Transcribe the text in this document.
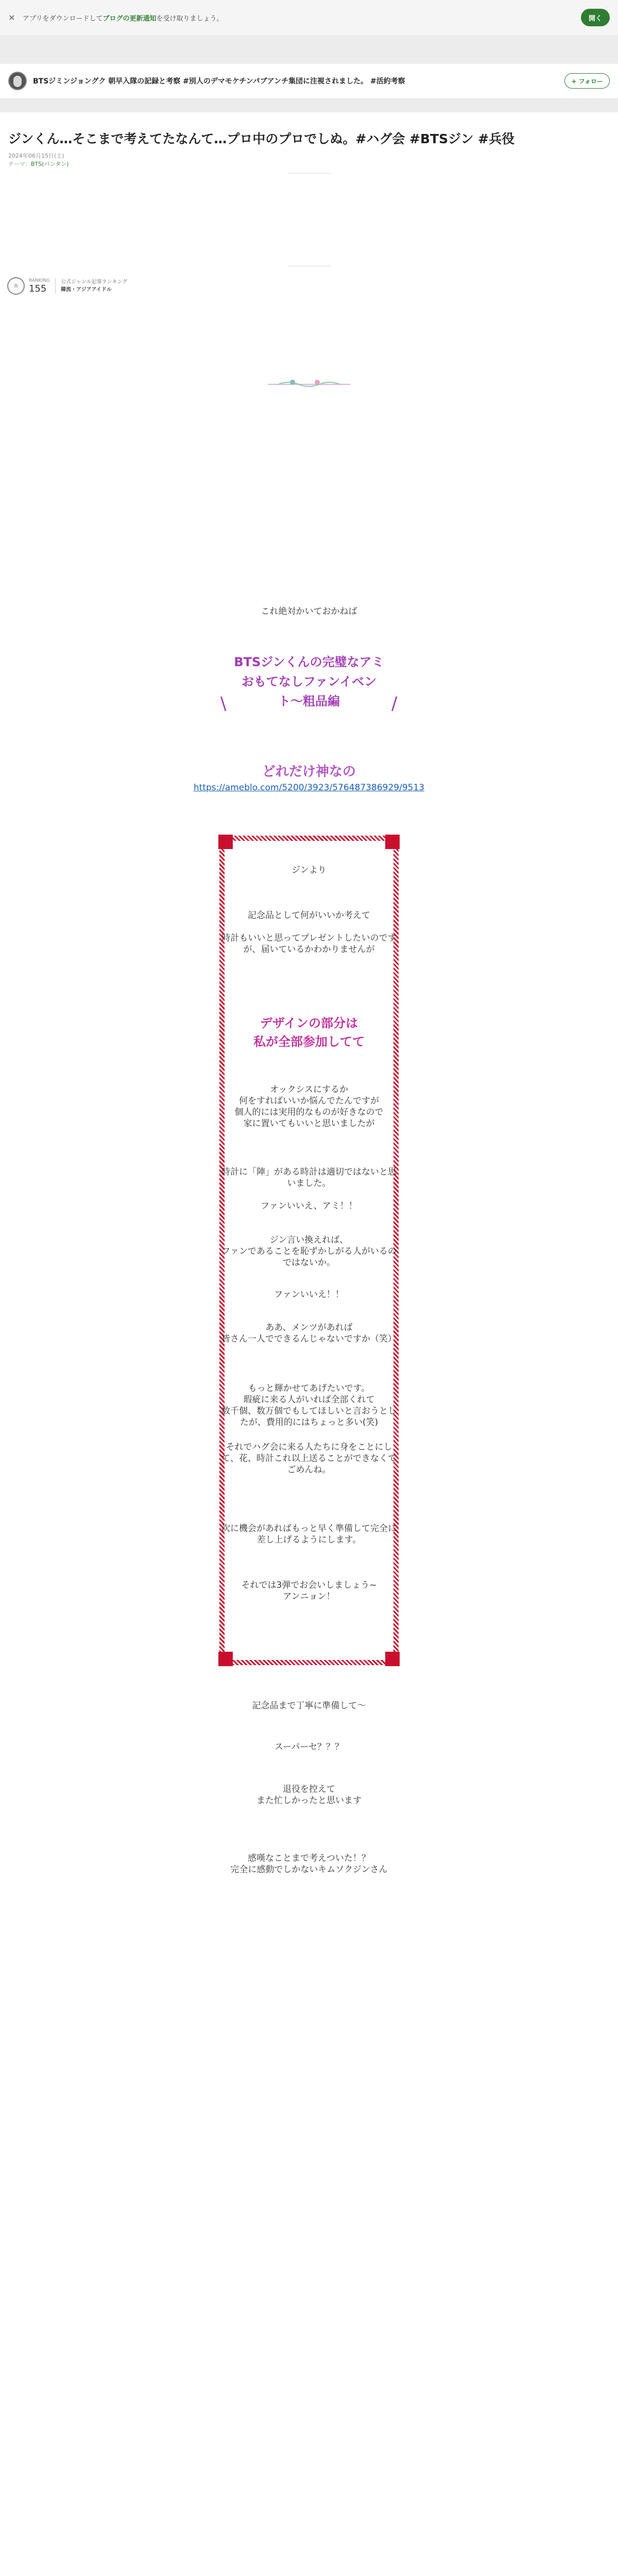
✕	アプリをダウンロードしてブログの更新通知を受け取りましょう。	開く
BTSジミンジョングク 朝早入隊の記録と考察 #別人のデマモケチンパブアンチ集団に注視されました。 #活約考察	+ フォロー
ジンくん…そこまで考えてたなんて…プロ中のプロでしぬ。#ハグ会 #BTSジン #兵役
2024年06月15日(土)
テーマ：BTS(バンタン)
♔
RANKING
155
公式ジャンル記事ランキング
韓流・アジアアイドル
これ絶対かいておかねば
BTSジンくんの完璧なアミ
おもてなしファンイベン
ト〜粗品編
\	/
どれだけ神なの
https://ameblo.com/5200/3923/576487386929/9513
ジンより
記念品として何がいいか考えて
時計もいいと思ってプレゼントしたいのです
が、届いているかわかりませんが
デザインの部分は
私が全部参加してて
オックシスにするか
何をすればいいか悩んでたんですが
個人的には実用的なものが好きなので
家に置いてもいいと思いましたが
時計に「陣」がある時計は適切ではないと思
いました。
ファンいいえ、アミ！！
ジン言い換えれば、
ファンであることを恥ずかしがる人がいるの
ではないか。
ファンいいえ！！
ああ、メンツがあれば
皆さん一人でできるんじゃないですか（笑）
もっと輝かせてあげたいです。
瑕疵に来る人がいれば全部くれて
数千個、数万個でもしてほしいと言おうとし
たが、費用的にはちょっと多い(笑)
それでハグ会に来る人たちに身をことにし
て、花、時計これ以上送ることができなくて
ごめんね。
次に機会があればもっと早く準備して完全に
差し上げるようにします。
それでは3弾でお会いしましょう~
アンニョン！
記念品まで丁寧に準備して〜
スーパーセ？？？
退役を控えて
また忙しかったと思います
感嘆なことまで考えついた！？
完全に感動でしかないキムソクジンさん
